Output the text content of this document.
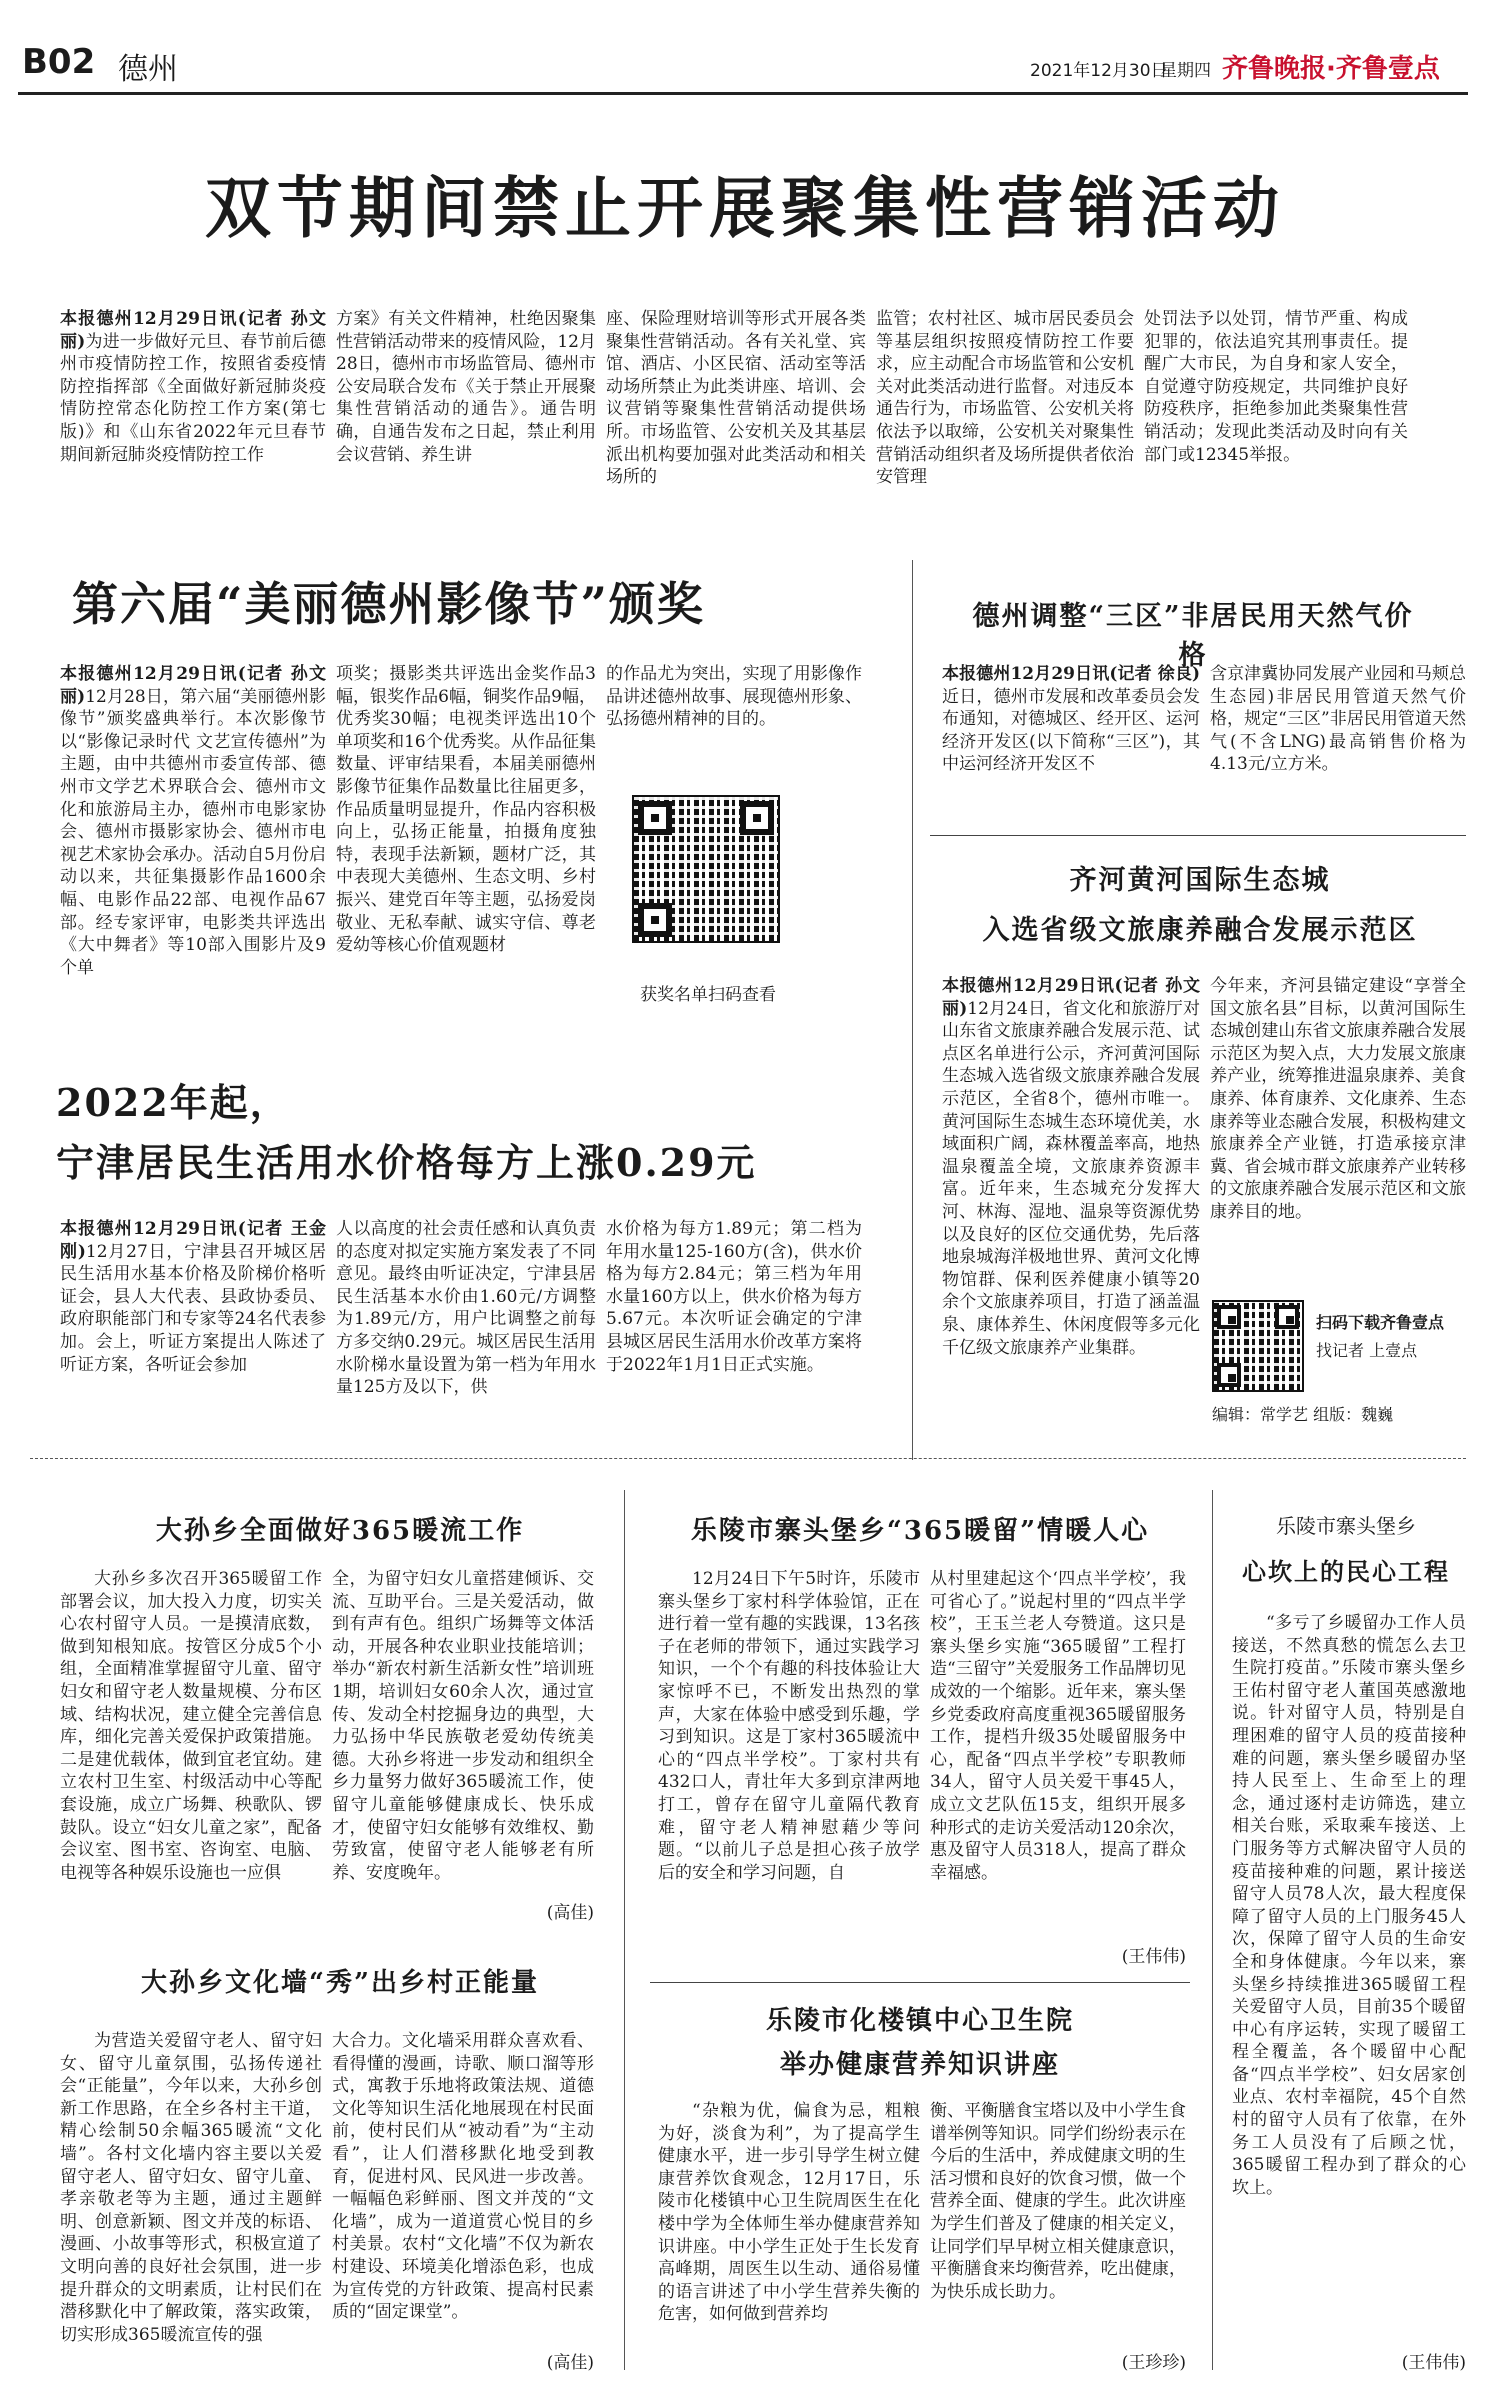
B02 德州	2021年12月30日
星期四 齐鲁晚报·齐鲁壹点
双节期间禁止开展聚集性营销活动

本报德州12月29日讯(记者 孙文丽)为进一步做好元旦、春节前后德州市疫情防控工作，按照省委疫情防控指挥部《全面做好新冠肺炎疫情防控常态化防控工作方案(第七版)》和《山东省2022年元旦春节期间新冠肺炎疫情防控工作

方案》有关文件精神，杜绝因聚集性营销活动带来的疫情风险，12月28日，德州市市场监管局、德州市公安局联合发布《关于禁止开展聚集性营销活动的通告》。通告明确，自通告发布之日起，禁止利用会议营销、养生讲

座、保险理财培训等形式开展各类聚集性营销活动。各有关礼堂、宾馆、酒店、小区民宿、活动室等活动场所禁止为此类讲座、培训、会议营销等聚集性营销活动提供场所。市场监管、公安机关及其基层派出机构要加强对此类活动和相关场所的

监管；农村社区、城市居民委员会等基层组织按照疫情防控工作要求，应主动配合市场监管和公安机关对此类活动进行监督。对违反本通告行为，市场监管、公安机关将依法予以取缔，公安机关对聚集性营销活动组织者及场所提供者依治安管理

处罚法予以处罚，情节严重、构成犯罪的，依法追究其刑事责任。提醒广大市民，为自身和家人安全，自觉遵守防疫规定，共同维护良好防疫秩序，拒绝参加此类聚集性营销活动；发现此类活动及时向有关部门或12345举报。

第六届“美丽德州影像节”颁奖

本报德州12月29日讯(记者 孙文丽)12月28日，第六届“美丽德州影像节”颁奖盛典举行。本次影像节以“影像记录时代 文艺宣传德州”为主题，由中共德州市委宣传部、德州市文学艺术界联合会、德州市文化和旅游局主办，德州市电影家协会、德州市摄影家协会、德州市电视艺术家协会承办。活动自5月份启动以来，共征集摄影作品1600余幅、电影作品22部、电视作品67部。经专家评审，电影类共评选出《大中舞者》等10部入围影片及9个单

项奖；摄影类共评选出金奖作品3幅，银奖作品6幅，铜奖作品9幅，优秀奖30幅；电视类评选出10个单项奖和16个优秀奖。从作品征集数量、评审结果看，本届美丽德州影像节征集作品数量比往届更多，作品质量明显提升，作品内容积极向上，弘扬正能量，拍摄角度独特，表现手法新颖，题材广泛，其中表现大美德州、生态文明、乡村振兴、建党百年等主题，弘扬爱岗敬业、无私奉献、诚实守信、尊老爱幼等核心价值观题材

的作品尤为突出，实现了用影像作品讲述德州故事、展现德州形象、弘扬德州精神的目的。

获奖名单扫码查看
德州调整“三区”非居民用天然气价格

本报德州12月29日讯(记者 徐良)近日，德州市发展和改革委员会发布通知，对德城区、经开区、运河经济开发区(以下简称“三区”)，其中运河经济开发区不

含京津冀协同发展产业园和马颊总生态园)非居民用管道天然气价格，规定“三区”非居民用管道天然气(不含LNG)最高销售价格为4.13元/立方米。

齐河黄河国际生态城
入选省级文旅康养融合发展示范区

本报德州12月29日讯(记者 孙文丽)12月24日，省文化和旅游厅对山东省文旅康养融合发展示范、试点区名单进行公示，齐河黄河国际生态城入选省级文旅康养融合发展示范区，全省8个，德州市唯一。黄河国际生态城生态环境优美，水域面积广阔，森林覆盖率高，地热温泉覆盖全境，文旅康养资源丰富。近年来，生态城充分发挥大河、林海、湿地、温泉等资源优势以及良好的区位交通优势，先后落地泉城海洋极地世界、黄河文化博物馆群、保利医养健康小镇等20余个文旅康养项目，打造了涵盖温泉、康体养生、休闲度假等多元化千亿级文旅康养产业集群。

今年来，齐河县锚定建设“享誉全国文旅名县”目标，以黄河国际生态城创建山东省文旅康养融合发展示范区为契入点，大力发展文旅康养产业，统筹推进温泉康养、美食康养、体育康养、文化康养、生态康养等业态融合发展，积极构建文旅康养全产业链，打造承接京津冀、省会城市群文旅康养产业转移的文旅康养融合发展示范区和文旅康养目的地。

扫码下载齐鲁壹点
找记者 上壹点
编辑：常学艺 组版：魏巍
2022年起，
宁津居民生活用水价格每方上涨0.29元

本报德州12月29日讯(记者 王金刚)12月27日，宁津县召开城区居民生活用水基本价格及阶梯价格听证会，县人大代表、县政协委员、政府职能部门和专家等24名代表参加。会上，听证方案提出人陈述了听证方案，各听证会参加

人以高度的社会责任感和认真负责的态度对拟定实施方案发表了不同意见。最终由听证决定，宁津县居民生活基本水价由1.60元/方调整为1.89元/方，用户比调整之前每方多交纳0.29元。城区居民生活用水阶梯水量设置为第一档为年用水量125方及以下，供

水价格为每方1.89元；第二档为年用水量125-160方(含)，供水价格为每方2.84元；第三档为年用水量160方以上，供水价格为每方5.67元。本次听证会确定的宁津县城区居民生活用水价改革方案将于2022年1月1日正式实施。

大孙乡全面做好365暖流工作

大孙乡多次召开365暖留工作部署会议，加大投入力度，切实关心农村留守人员。一是摸清底数，做到知根知底。按管区分成5个小组，全面精准掌握留守儿童、留守妇女和留守老人数量规模、分布区域、结构状况，建立健全完善信息库，细化完善关爱保护政策措施。二是建优载体，做到宜老宜幼。建立农村卫生室、村级活动中心等配套设施，成立广场舞、秧歌队、锣鼓队。设立“妇女儿童之家”，配备会议室、图书室、咨询室、电脑、电视等各种娱乐设施也一应俱

全，为留守妇女儿童搭建倾诉、交流、互助平台。三是关爱活动，做到有声有色。组织广场舞等文体活动，开展各种农业职业技能培训；举办“新农村新生活新女性”培训班1期，培训妇女60余人次，通过宣传、发动全村挖掘身边的典型，大力弘扬中华民族敬老爱幼传统美德。大孙乡将进一步发动和组织全乡力量努力做好365暖流工作，使留守儿童能够健康成长、快乐成才，使留守妇女能够有效维权、勤劳致富，使留守老人能够老有所养、安度晚年。

(高佳)
大孙乡文化墙“秀”出乡村正能量

为营造关爱留守老人、留守妇女、留守儿童氛围，弘扬传递社会“正能量”，今年以来，大孙乡创新工作思路，在全乡各村主干道，精心绘制50余幅365暖流“文化墙”。各村文化墙内容主要以关爱留守老人、留守妇女、留守儿童、孝亲敬老等为主题，通过主题鲜明、创意新颖、图文并茂的标语、漫画、小故事等形式，积极宣道了文明向善的良好社会氛围，进一步提升群众的文明素质，让村民们在潜移默化中了解政策，落实政策，切实形成365暖流宣传的强

大合力。文化墙采用群众喜欢看、看得懂的漫画，诗歌、顺口溜等形式，寓教于乐地将政策法规、道德文化等知识生活化地展现在村民面前，使村民们从“被动看”为“主动看”，让人们潜移默化地受到教育，促进村风、民风进一步改善。一幅幅色彩鲜丽、图文并茂的“文化墙”，成为一道道赏心悦目的乡村美景。农村“文化墙”不仅为新农村建设、环境美化增添色彩，也成为宣传党的方针政策、提高村民素质的“固定课堂”。

(高佳)
乐陵市寨头堡乡“365暖留”情暖人心

12月24日下午5时许，乐陵市寨头堡乡丁家村科学体验馆，正在进行着一堂有趣的实践课，13名孩子在老师的带领下，通过实践学习知识，一个个有趣的科技体验让大家惊呼不已，不断发出热烈的掌声，大家在体验中感受到乐趣，学习到知识。这是丁家村365暖流中心的“四点半学校”。丁家村共有432口人，青壮年大多到京津两地打工，曾存在留守儿童隔代教育难，留守老人精神慰藉少等问题。“以前儿子总是担心孩子放学后的安全和学习问题，自

从村里建起这个‘四点半学校’，我可省心了。”说起村里的“四点半学校”，王玉兰老人夸赞道。这只是寨头堡乡实施“365暖留”工程打造“三留守”关爱服务工作品牌切见成效的一个缩影。近年来，寨头堡乡党委政府高度重视365暖留服务工作，提档升级35处暖留服务中心，配备“四点半学校”专职教师34人，留守人员关爱干事45人，成立文艺队伍15支，组织开展多种形式的走访关爱活动120余次，惠及留守人员318人，提高了群众幸福感。

(王伟伟)
乐陵市化楼镇中心卫生院
举办健康营养知识讲座

“杂粮为优，偏食为忌，粗粮为好，淡食为利”，为了提高学生健康水平，进一步引导学生树立健康营养饮食观念，12月17日，乐陵市化楼镇中心卫生院周医生在化楼中学为全体师生举办健康营养知识讲座。中小学生正处于生长发育高峰期，周医生以生动、通俗易懂的语言讲述了中小学生营养失衡的危害，如何做到营养均

衡、平衡膳食宝塔以及中小学生食谱举例等知识。同学们纷纷表示在今后的生活中，养成健康文明的生活习惯和良好的饮食习惯，做一个营养全面、健康的学生。此次讲座为学生们普及了健康的相关定义，让同学们早早树立相关健康意识，平衡膳食来均衡营养，吃出健康，为快乐成长助力。

(王珍珍)
乐陵市寨头堡乡
心坎上的民心工程

“多亏了乡暖留办工作人员接送，不然真愁的慌怎么去卫生院打疫苗。”乐陵市寨头堡乡王佑村留守老人董国英感激地说。针对留守人员，特别是自理困难的留守人员的疫苗接种难的问题，寨头堡乡暖留办坚持人民至上、生命至上的理念，通过逐村走访筛选，建立相关台账，采取乘车接送、上门服务等方式解决留守人员的疫苗接种难的问题，累计接送留守人员78人次，最大程度保障了留守人员的上门服务45人次，保障了留守人员的生命安全和身体健康。今年以来，寨头堡乡持续推进365暖留工程关爱留守人员，目前35个暖留中心有序运转，实现了暖留工程全覆盖，各个暖留中心配备“四点半学校”、妇女居家创业点、农村幸福院，45个自然村的留守人员有了依靠，在外务工人员没有了后顾之忧，365暖留工程办到了群众的心坎上。

(王伟伟)
